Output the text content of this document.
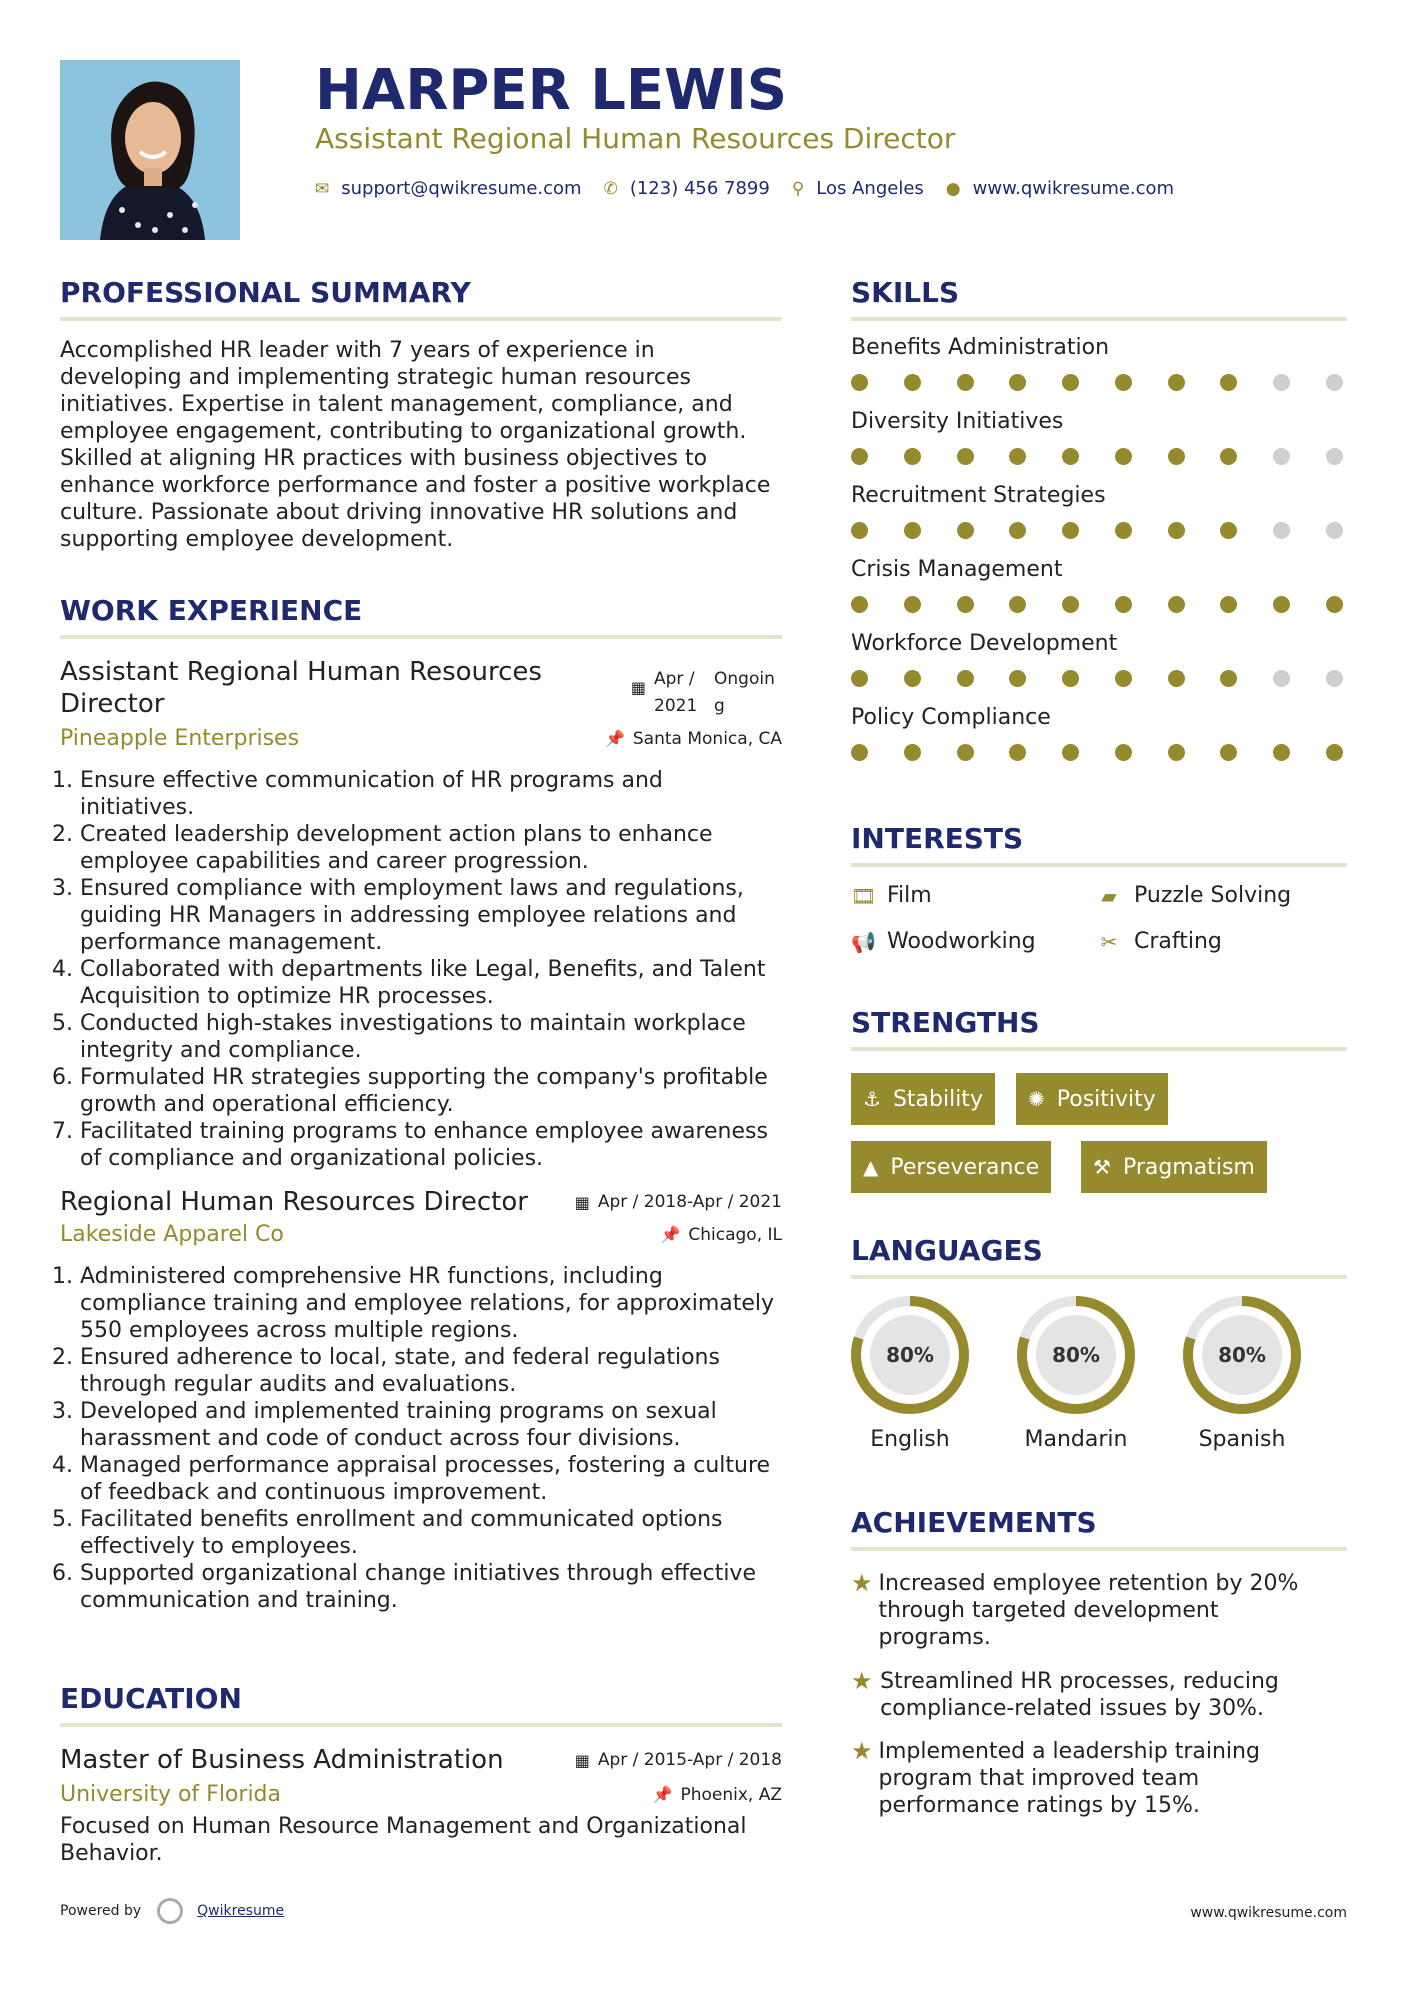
HARPER LEWIS
Assistant Regional Human Resources Director
✉ support@qwikresume.com ✆ (123) 456 7899 ⚲ Los Angeles ● www.qwikresume.com
PROFESSIONAL SUMMARY
Accomplished HR leader with 7 years of experience in developing and implementing strategic human resources initiatives. Expertise in talent management, compliance, and employee engagement, contributing to organizational growth. Skilled at aligning HR practices with business objectives to enhance workforce performance and foster a positive workplace culture. Passionate about driving innovative HR solutions and supporting employee development.
WORK EXPERIENCE
Assistant Regional Human Resources Director
▦ Apr / 2021
Ongoing
Pineapple Enterprises	📌 Santa Monica, CA
1. Ensure effective communication of HR programs and initiatives.
2. Created leadership development action plans to enhance employee capabilities and career progression.
3. Ensured compliance with employment laws and regulations, guiding HR Managers in addressing employee relations and performance management.
4. Collaborated with departments like Legal, Benefits, and Talent Acquisition to optimize HR processes.
5. Conducted high-stakes investigations to maintain workplace integrity and compliance.
6. Formulated HR strategies supporting the company's profitable growth and operational efficiency.
7. Facilitated training programs to enhance employee awareness of compliance and organizational policies.
Regional Human Resources Director	▦ Apr / 2018-Apr / 2021
Lakeside Apparel Co	📌 Chicago, IL
1. Administered comprehensive HR functions, including compliance training and employee relations, for approximately 550 employees across multiple regions.
2. Ensured adherence to local, state, and federal regulations through regular audits and evaluations.
3. Developed and implemented training programs on sexual harassment and code of conduct across four divisions.
4. Managed performance appraisal processes, fostering a culture of feedback and continuous improvement.
5. Facilitated benefits enrollment and communicated options effectively to employees.
6. Supported organizational change initiatives through effective communication and training.
EDUCATION
Master of Business Administration	▦ Apr / 2015-Apr / 2018
University of Florida	📌 Phoenix, AZ
Focused on Human Resource Management and Organizational Behavior.
SKILLS
Benefits Administration
Diversity Initiatives
Recruitment Strategies
Crisis Management
Workforce Development
Policy Compliance
INTERESTS
🎞 Film	▰ Puzzle Solving
📢 Woodworking	✂ Crafting
STRENGTHS
⚓ Stability ✺ Positivity
▲ Perseverance	⚒ Pragmatism
LANGUAGES
80%
English
80%
Mandarin
80%
Spanish
ACHIEVEMENTS
★ Increased employee retention by 20% through targeted development programs.
★ Streamlined HR processes, reducing compliance-related issues by 30%.
★ Implemented a leadership training program that improved team performance ratings by 15%.
Powered by	Qwikresume	www.qwikresume.com
